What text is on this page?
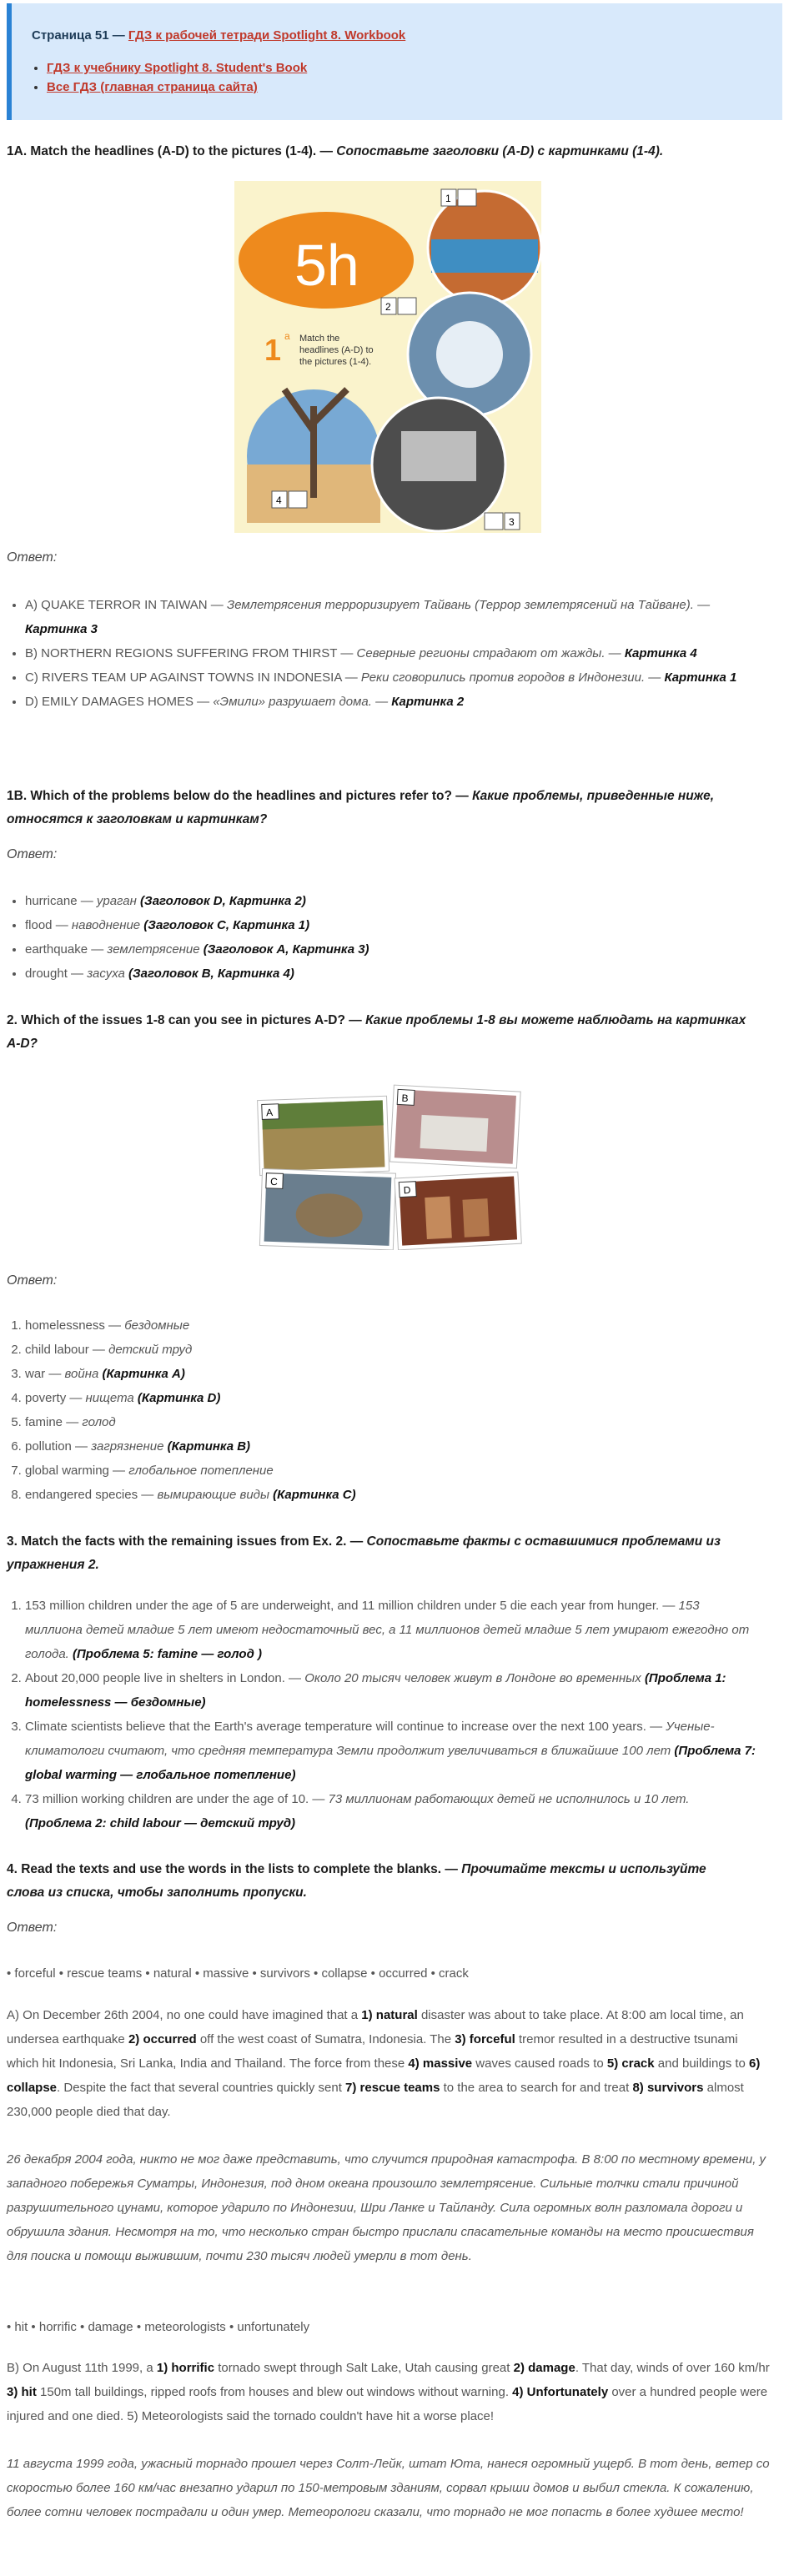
Страница 51 — ГДЗ к рабочей тетради Spotlight 8. Workbook
• ГДЗ к учебнику Spotlight 8. Student's Book
• Все ГДЗ (главная страница сайта)
1A. Match the headlines (A-D) to the pictures (1-4). — Сопоставьте заголовки (A-D) с картинками (1-4).
5h
1 a Match the headlines (A-D) to the pictures (1-4).
1
2
4
3
Ответ:
• A) QUAKE TERROR IN TAIWAN — Землетрясения терроризирует Тайвань (Террор землетрясений на Тайване). — Картинка 3
• B) NORTHERN REGIONS SUFFERING FROM THIRST — Северные регионы страдают от жажды. — Картинка 4
• C) RIVERS TEAM UP AGAINST TOWNS IN INDONESIA — Реки сговорились против городов в Индонезии. — Картинка 1
• D) EMILY DAMAGES HOMES — «Эмили» разрушает дома. — Картинка 2
1B. Which of the problems below do the headlines and pictures refer to? — Какие проблемы, приведенные ниже, относятся к заголовкам и картинкам?
Ответ:
• hurricane — ураган (Заголовок D, Картинка 2)
• flood — наводнение (Заголовок C, Картинка 1)
• earthquake — землетрясение (Заголовок A, Картинка 3)
• drought — засуха (Заголовок B, Картинка 4)
2. Which of the issues 1-8 can you see in pictures A-D? — Какие проблемы 1-8 вы можете наблюдать на картинках A-D?
A
B
C
D
Ответ:
1. homelessness — бездомные
2. child labour — детский труд
3. war — война (Картинка A)
4. poverty — нищета (Картинка D)
5. famine — голод
6. pollution — загрязнение (Картинка B)
7. global warming — глобальное потепление
8. endangered species — вымирающие виды (Картинка C)
3. Match the facts with the remaining issues from Ex. 2. — Сопоставьте факты с оставшимися проблемами из упражнения 2.
1. 153 million children under the age of 5 are underweight, and 11 million children under 5 die each year from hunger. — 153 миллиона детей младше 5 лет имеют недостаточный вес, а 11 миллионов детей младше 5 лет умирают ежегодно от голода. (Проблема 5: famine — голод )
2. About 20,000 people live in shelters in London. — Около 20 тысяч человек живут в Лондоне во временных (Проблема 1: homelessness — бездомные)
3. Climate scientists believe that the Earth's average temperature will continue to increase over the next 100 years. — Ученые-климатологи считают, что средняя температура Земли продолжит увеличиваться в ближайшие 100 лет (Проблема 7: global warming — глобальное потепление)
4. 73 million working children are under the age of 10. — 73 миллионам работающих детей не исполнилось и 10 лет. (Проблема 2: child labour — детский труд)
4. Read the texts and use the words in the lists to complete the blanks. — Прочитайте тексты и используйте слова из списка, чтобы заполнить пропуски.
Ответ:

• forceful • rescue teams • natural • massive • survivors • collapse • occurred • crack

A) On December 26th 2004, no one could have imagined that a 1) natural disaster was about to take place. At 8:00 am local time, an undersea earthquake 2) occurred off the west coast of Sumatra, Indonesia. The 3) forceful tremor resulted in a destructive tsunami which hit Indonesia, Sri Lanka, India and Thailand. The force from these 4) massive waves caused roads to 5) crack and buildings to 6) collapse. Despite the fact that several countries quickly sent 7) rescue teams to the area to search for and treat 8) survivors almost 230,000 people died that day.

26 декабря 2004 года, никто не мог даже представить, что случится природная катастрофа. В 8:00 по местному времени, у западного побережья Суматры, Индонезия, под дном океана произошло землетрясение. Сильные толчки стали причиной разрушительного цунами, которое ударило по Индонезии, Шри Ланке и Тайланду. Сила огромных волн разломала дороги и обрушила здания. Несмотря на то, что несколько стран быстро прислали спасательные команды на место происшествия для поиска и помощи выжившим, почти 230 тысяч людей умерли в тот день.

• hit • horrific • damage • meteorologists • unfortunately

B) On August 11th 1999, a 1) horrific tornado swept through Salt Lake, Utah causing great 2) damage. That day, winds of over 160 km/hr 3) hit 150m tall buildings, ripped roofs from houses and blew out windows without warning. 4) Unfortunately over a hundred people were injured and one died. 5) Meteorologists said the tornado couldn't have hit a worse place!

11 августа 1999 года, ужасный торнадо прошел через Солт-Лейк, штат Юта, нанеся огромный ущерб. В тот день, ветер со скоростью более 160 км/час внезапно ударил по 150-метровым зданиям, сорвал крыши домов и выбил стекла. К сожалению, более сотни человек пострадали и один умер. Метеорологи сказали, что торнадо не мог попасть в более худшее место!
